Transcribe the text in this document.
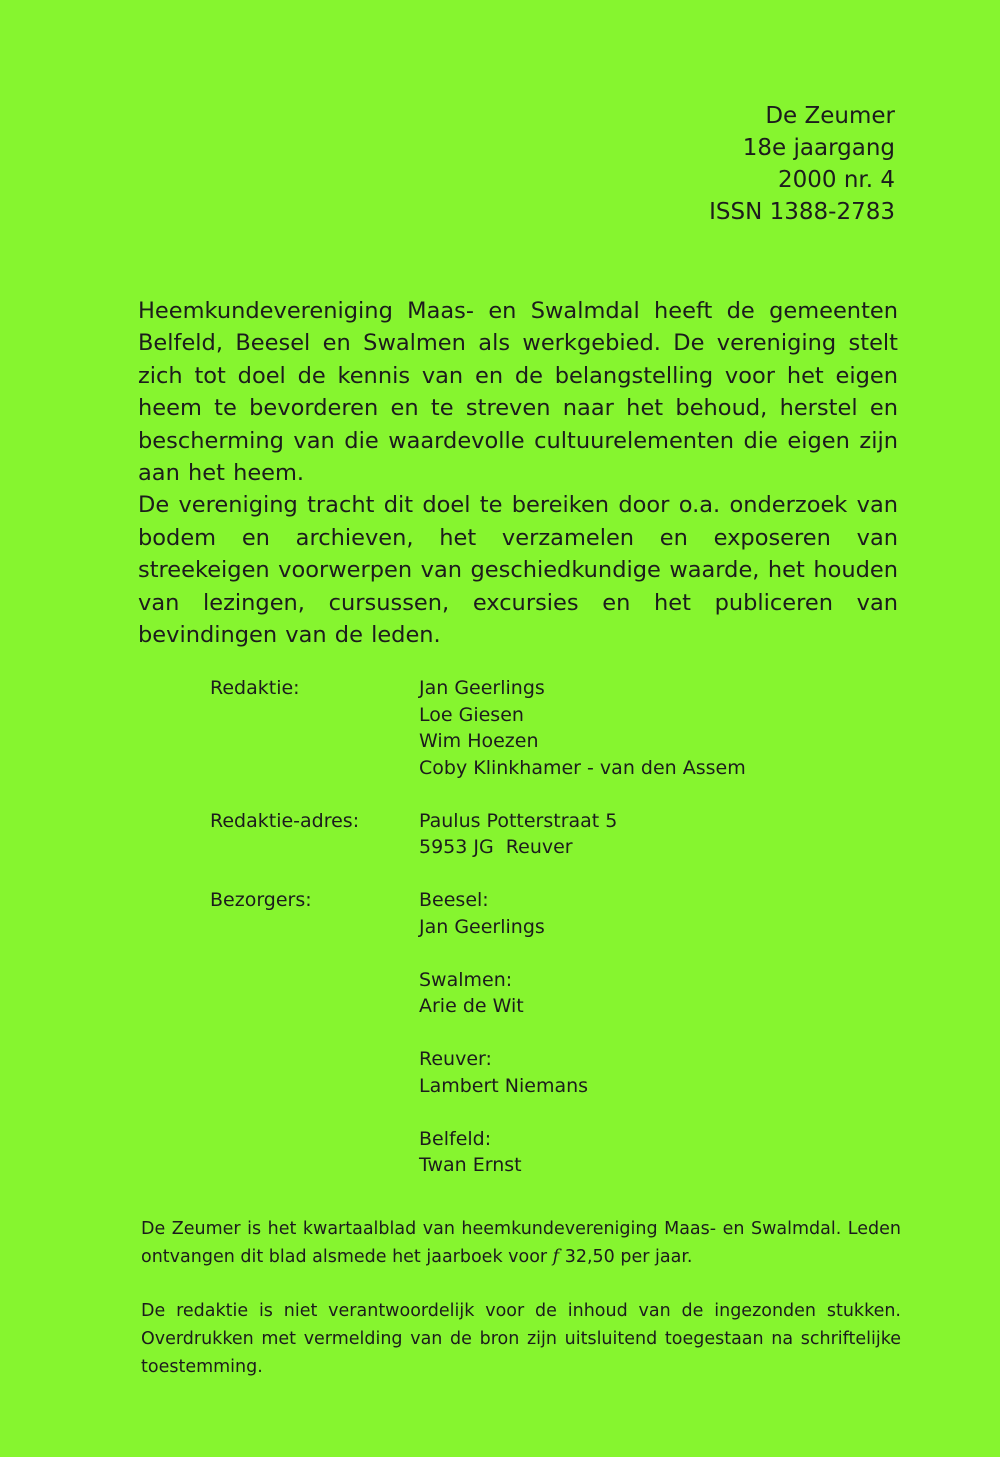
De Zeumer
18e jaargang
2000 nr. 4
ISSN 1388-2783

Heemkundevereniging Maas- en Swalmdal heeft de gemeenten Belfeld, Beesel en Swalmen als werkgebied. De vereniging stelt zich tot doel de kennis van en de belangstelling voor het eigen heem te bevorderen en te streven naar het behoud, herstel en bescherming van die waardevolle cultuurelementen die eigen zijn aan het heem.

De vereniging tracht dit doel te bereiken door o.a. onderzoek van bodem en archieven, het verzamelen en exposeren van streekeigen voorwerpen van geschiedkundige waarde, het houden van lezingen, cursussen, excursies en het publiceren van bevindingen van de leden.

Redaktie:	Jan Geerlings
Loe Giesen
Wim Hoezen
Coby Klinkhamer - van den Assem
Redaktie-adres:	Paulus Potterstraat 5
5953 JG  Reuver
Bezorgers:	Beesel:
Jan Geerlings
Swalmen:
Arie de Wit
Reuver:
Lambert Niemans
Belfeld:
Twan Ernst

De Zeumer is het kwartaalblad van heemkundevereniging Maas- en Swalmdal. Leden ontvangen dit blad alsmede het jaarboek voor f 32,50 per jaar.

De redaktie is niet verantwoordelijk voor de inhoud van de ingezonden stukken. Overdrukken met vermelding van de bron zijn uitsluitend toegestaan na schriftelijke toestemming.
